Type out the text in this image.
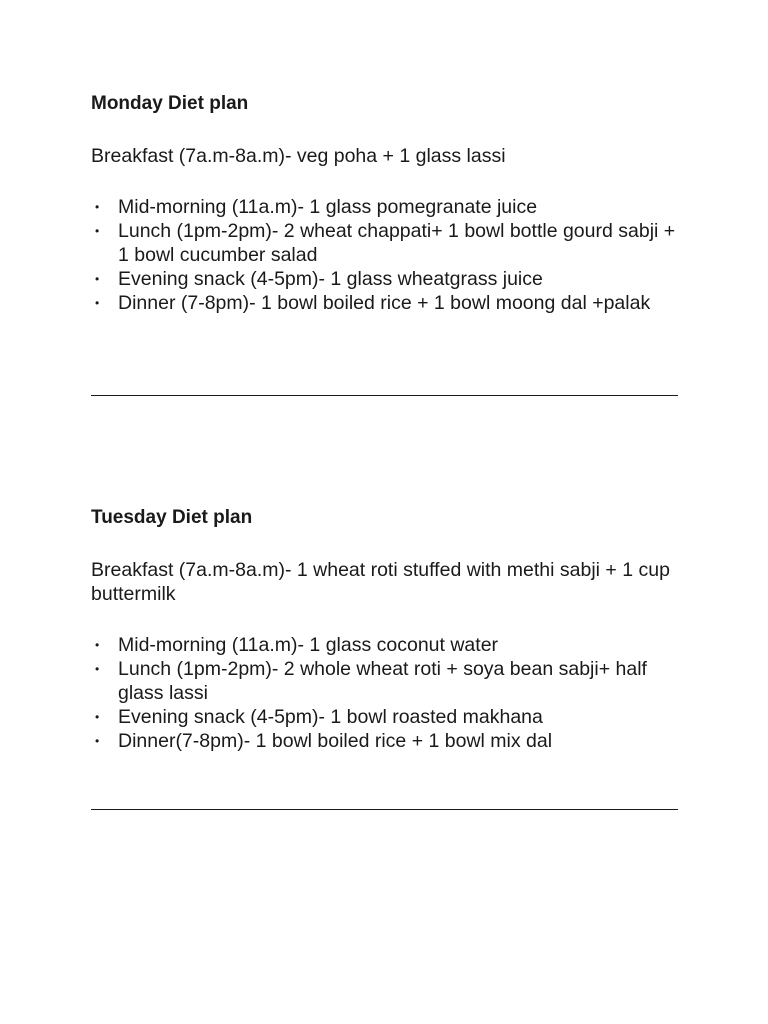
Monday Diet plan

Breakfast (7a.m-8a.m)- veg poha + 1 glass lassi

• Mid-morning (11a.m)- 1 glass pomegranate juice
• Lunch (1pm-2pm)- 2 wheat chappati+ 1 bowl bottle gourd sabji + 1 bowl cucumber salad
• Evening snack (4-5pm)- 1 glass wheatgrass juice
• Dinner (7-8pm)- 1 bowl boiled rice + 1 bowl moong dal +palak

Tuesday Diet plan

Breakfast (7a.m-8a.m)- 1 wheat roti stuffed with methi sabji + 1 cup buttermilk

• Mid-morning (11a.m)- 1 glass coconut water
• Lunch (1pm-2pm)- 2 whole wheat roti + soya bean sabji+ half glass lassi
• Evening snack (4-5pm)- 1 bowl roasted makhana
• Dinner(7-8pm)- 1 bowl boiled rice + 1 bowl mix dal
